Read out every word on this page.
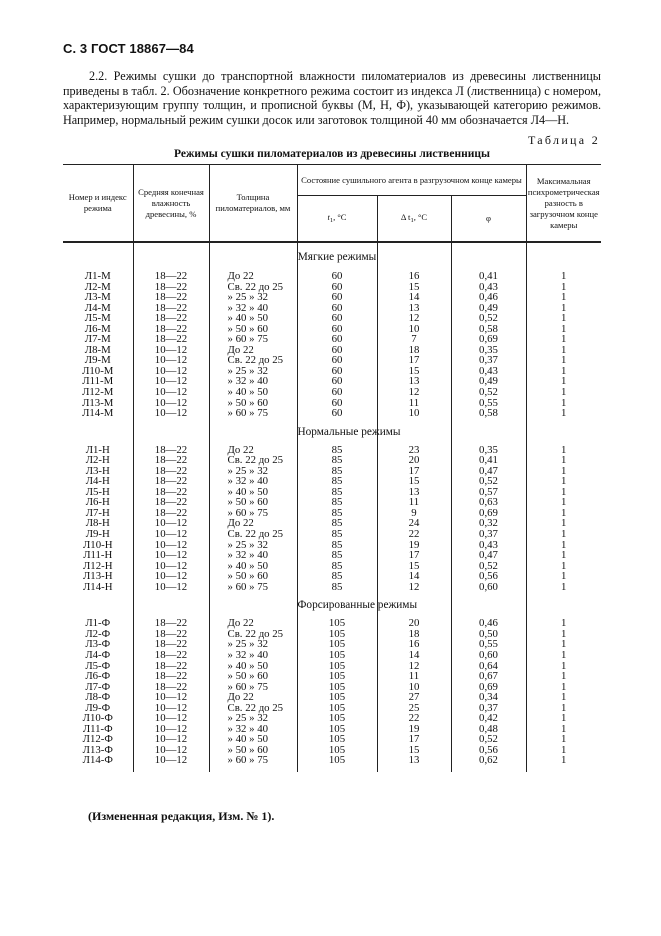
С. 3 ГОСТ 18867—84

2.2. Режимы сушки до транспортной влажности пиломатериалов из древесины лиственницы приведены в табл. 2. Обозначение конкретного режима состоит из индекса Л (лиственница) с номером, характеризующим группу толщин, и прописной буквы (М, Н, Ф), указывающей категорию режимов. Например, нормальный режим сушки досок или заготовок толщиной 40 мм обозначается Л4—Н.

Таблица 2
Режимы сушки пиломатериалов из древесины лиственницы
Номер и индекс режима	Средняя конечная влажность древесины, %	Толщина пиломатериалов, мм	Состояние сушильного агента в разгрузочном конце камеры			Максимальная психрометрическая разность в загрузочном конце камеры
			$t_1$, °С	Δ $t_1$, °С	φ	
			Мягкие режимы			
Л1-М	18—22	До 22	60	16	0,41	1
Л2-М	18—22	Св. 22 до 25	60	15	0,43	1
Л3-М	18—22	» 25 » 32	60	14	0,46	1
Л4-М	18—22	» 32 » 40	60	13	0,49	1
Л5-М	18—22	» 40 » 50	60	12	0,52	1
Л6-М	18—22	» 50 » 60	60	10	0,58	1
Л7-М	18—22	» 60 » 75	60	7	0,69	1
Л8-М	10—12	До 22	60	18	0,35	1
Л9-М	10—12	Св. 22 до 25	60	17	0,37	1
Л10-М	10—12	» 25 » 32	60	15	0,43	1
Л11-М	10—12	» 32 » 40	60	13	0,49	1
Л12-М	10—12	» 40 » 50	60	12	0,52	1
Л13-М	10—12	» 50 » 60	60	11	0,55	1
Л14-М	10—12	» 60 » 75	60	10	0,58	1
			Нормальные режимы			
Л1-Н	18—22	До 22	85	23	0,35	1
Л2-Н	18—22	Св. 22 до 25	85	20	0,41	1
Л3-Н	18—22	» 25 » 32	85	17	0,47	1
Л4-Н	18—22	» 32 » 40	85	15	0,52	1
Л5-Н	18—22	» 40 » 50	85	13	0,57	1
Л6-Н	18—22	» 50 » 60	85	11	0,63	1
Л7-Н	18—22	» 60 » 75	85	9	0,69	1
Л8-Н	10—12	До 22	85	24	0,32	1
Л9-Н	10—12	Св. 22 до 25	85	22	0,37	1
Л10-Н	10—12	» 25 » 32	85	19	0,43	1
Л11-Н	10—12	» 32 » 40	85	17	0,47	1
Л12-Н	10—12	» 40 » 50	85	15	0,52	1
Л13-Н	10—12	» 50 » 60	85	14	0,56	1
Л14-Н	10—12	» 60 » 75	85	12	0,60	1
			Форсированные режимы			
Л1-Ф	18—22	До 22	105	20	0,46	1
Л2-Ф	18—22	Св. 22 до 25	105	18	0,50	1
Л3-Ф	18—22	» 25 » 32	105	16	0,55	1
Л4-Ф	18—22	» 32 » 40	105	14	0,60	1
Л5-Ф	18—22	» 40 » 50	105	12	0,64	1
Л6-Ф	18—22	» 50 » 60	105	11	0,67	1
Л7-Ф	18—22	» 60 » 75	105	10	0,69	1
Л8-Ф	10—12	До 22	105	27	0,34	1
Л9-Ф	10—12	Св. 22 до 25	105	25	0,37	1
Л10-Ф	10—12	» 25 » 32	105	22	0,42	1
Л11-Ф	10—12	» 32 » 40	105	19	0,48	1
Л12-Ф	10—12	» 40 » 50	105	17	0,52	1
Л13-Ф	10—12	» 50 » 60	105	15	0,56	1
Л14-Ф	10—12	» 60 » 75	105	13	0,62	1

(Измененная редакция, Изм. № 1).
